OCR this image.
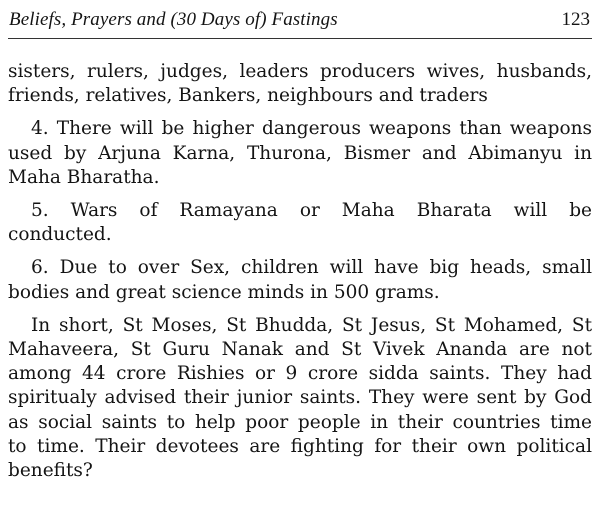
Beliefs, Prayers and (30 Days of) Fastings	123

sisters, rulers, judges, leaders producers wives, husbands,
friends, relatives, Bankers, neighbours and traders

4. There will be higher dangerous weapons than weapons
used by Arjuna Karna, Thurona, Bismer and Abimanyu in
Maha Bharatha.

5. Wars of Ramayana or Maha Bharata will be
conducted.

6. Due to over Sex, children will have big heads, small
bodies and great science minds in 500 grams.

In short, St Moses, St Bhudda, St Jesus, St Mohamed, St
Mahaveera, St Guru Nanak and St Vivek Ananda are not
among 44 crore Rishies or 9 crore sidda saints. They had
spiritualy advised their junior saints. They were sent by God
as social saints to help poor people in their countries time
to time. Their devotees are fighting for their own political
benefits?
